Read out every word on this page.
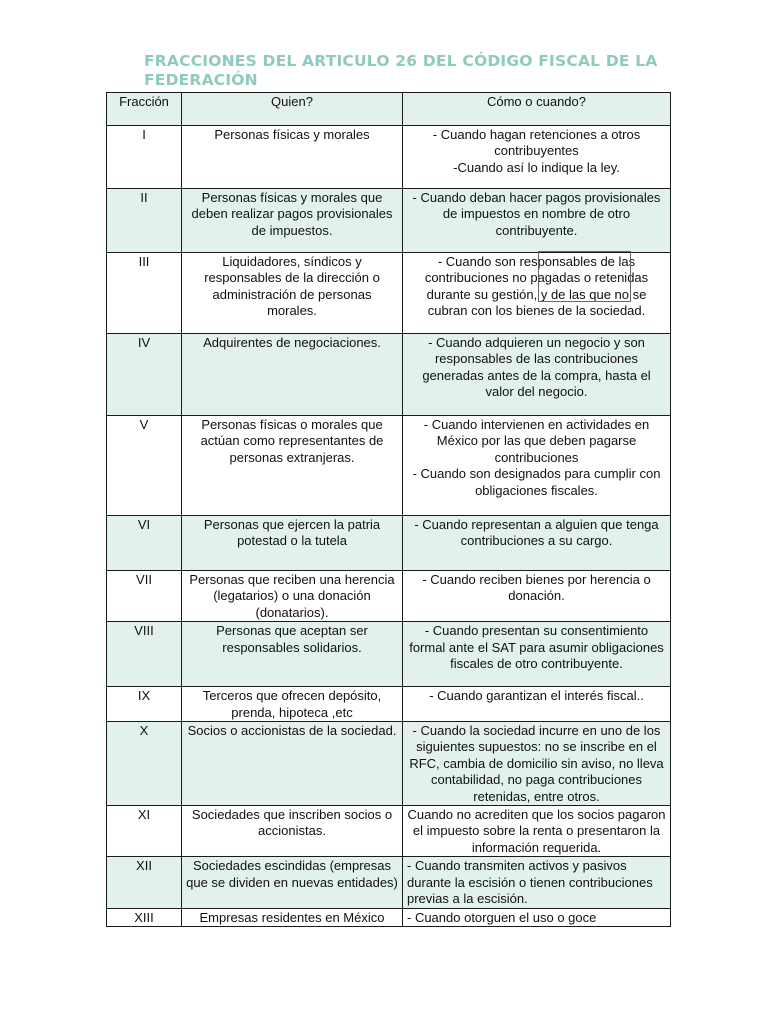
FRACCIONES DEL ARTICULO 26 DEL CÓDIGO FISCAL DE LA FEDERACIÓN
Fracción	Quien?	Cómo o cuando?
I	Personas físicas y morales	- Cuando hagan retenciones a otros contribuyentes
-Cuando así lo indique la ley.

II	Personas físicas y morales que deben realizar pagos provisionales de impuestos.	- Cuando deban hacer pagos provisionales de impuestos en nombre de otro contribuyente.

III	Liquidadores, síndicos y responsables de la dirección o administración de personas morales.	- Cuando son responsables de las contribuciones no pagadas o retenidas durante su gestión, y de las que no se cubran con los bienes de la sociedad.

IV	Adquirentes de negociaciones.	- Cuando adquieren un negocio y son responsables de las contribuciones generadas antes de la compra, hasta el valor del negocio.

V	Personas físicas o morales que actúan como representantes de personas extranjeras.	- Cuando intervienen en actividades en México por las que deben pagarse contribuciones
- Cuando son designados para cumplir con obligaciones fiscales.

VI	Personas que ejercen la patria potestad o la tutela	- Cuando representan a alguien que tenga contribuciones a su cargo.

VII	Personas que reciben una herencia (legatarios) o una donación (donatarios).	- Cuando reciben bienes por herencia o donación.

VIII	Personas que aceptan ser responsables solidarios.	- Cuando presentan su consentimiento formal ante el SAT para asumir obligaciones fiscales de otro contribuyente.

IX	Terceros que ofrecen depósito, prenda, hipoteca ,etc	- Cuando garantizan el interés fiscal..

X	Socios o accionistas de la sociedad.	- Cuando la sociedad incurre en uno de los siguientes supuestos: no se inscribe en el RFC, cambia de domicilio sin aviso, no lleva contabilidad, no paga contribuciones retenidas, entre otros.

XI	Sociedades que inscriben socios o accionistas.	Cuando no acrediten que los socios pagaron el impuesto sobre la renta o presentaron la información requerida.

XII	Sociedades escindidas (empresas que se dividen en nuevas entidades)	- Cuando transmiten activos y pasivos durante la escisión o tienen contribuciones previas a la escisión.

XIII	Empresas residentes en México	- Cuando otorguen el uso o goce
